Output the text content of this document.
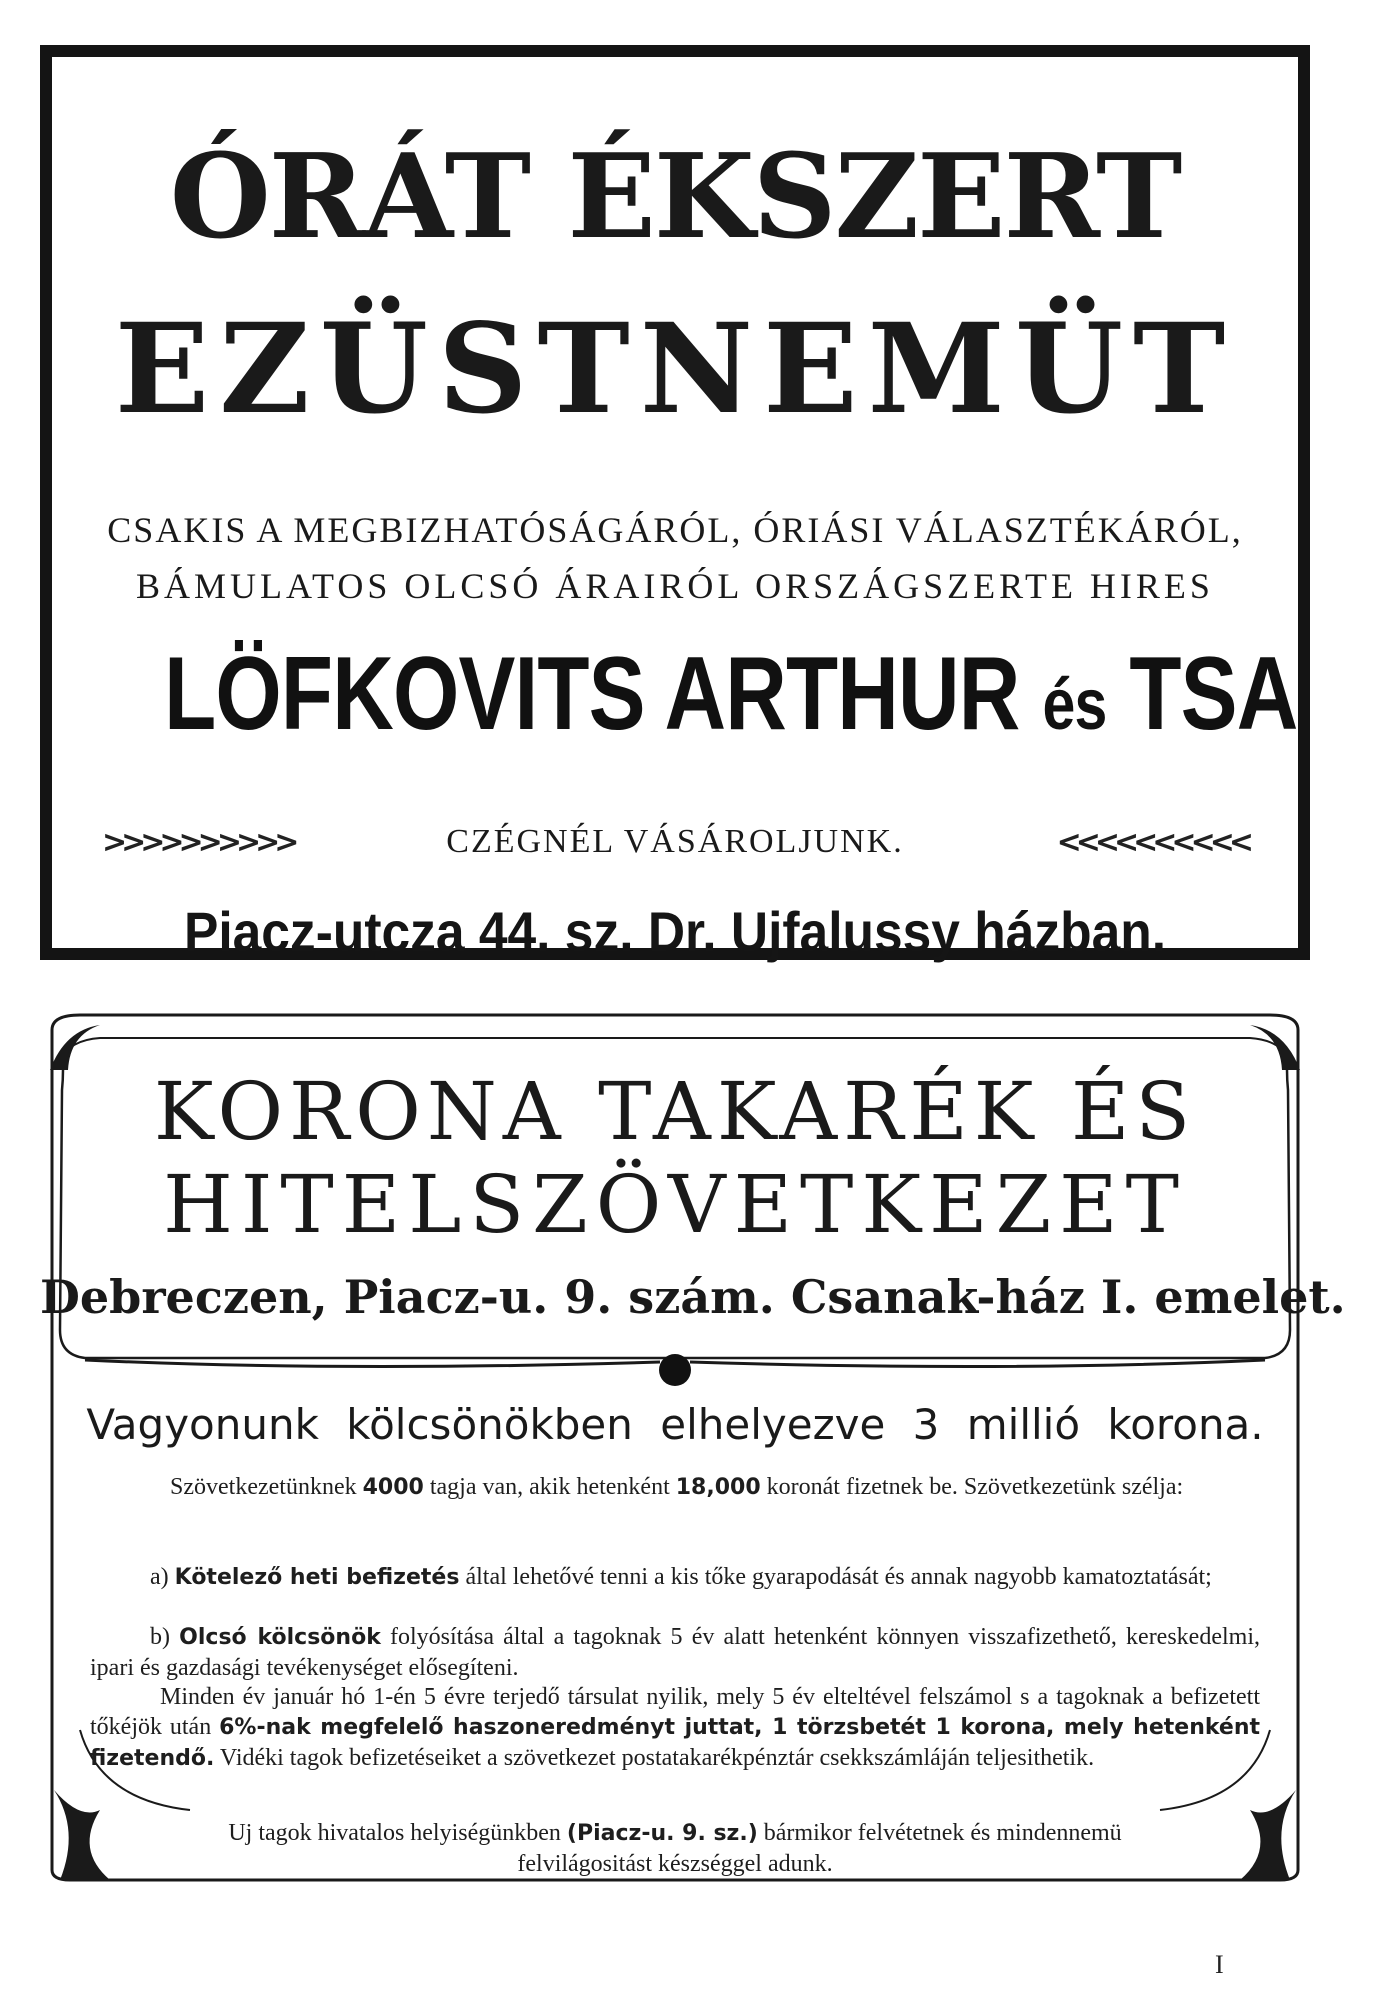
ÓRÁT ÉKSZERT
EZÜSTNEMÜT
CSAKIS A MEGBIZHATÓSÁGÁRÓL, ÓRIÁSI VÁLASZTÉKÁRÓL,
BÁMULATOS OLCSÓ ÁRAIRÓL ORSZÁGSZERTE HIRES
LÖFKOVITS ARTHUR és TSA
>>>>>>>>>>	CZÉGNÉL VÁSÁROLJUNK.	<<<<<<<<<<
Piacz-utcza 44. sz. Dr. Ujfalussy házban.
KORONA TAKARÉK ÉS
HITELSZÖVETKEZET
Debreczen, Piacz-u. 9. szám. Csanak-ház I. emelet.
Vagyonunk kölcsönökben elhelyezve 3 millió korona.
Szövetkezetünknek 4000 tagja van, akik hetenként 18,000 koronát fizetnek be. Szövetkezetünk szélja:
a) Kötelező heti befizetés által lehetővé tenni a kis tőke gyarapodását és annak nagyobb kamatoztatását;
b) Olcsó kölcsönök folyósítása által a tagoknak 5 év alatt hetenként könnyen visszafizethető, kereskedelmi, ipari és gazdasági tevékenységet elősegíteni.
Minden év január hó 1-én 5 évre terjedő társulat nyilik, mely 5 év elteltével felszámol s a tagoknak a befizetett tőkéjök után 6%-nak megfelelő haszoneredményt juttat, 1 törzsbetét 1 korona, mely hetenként fizetendő. Vidéki tagok befizetéseiket a szövetkezet postatakarékpénztár csekkszámláján teljesithetik.
Uj tagok hivatalos helyiségünkben (Piacz-u. 9. sz.) bármikor felvétetnek és mindennemü felvilágositást készséggel adunk.
I
